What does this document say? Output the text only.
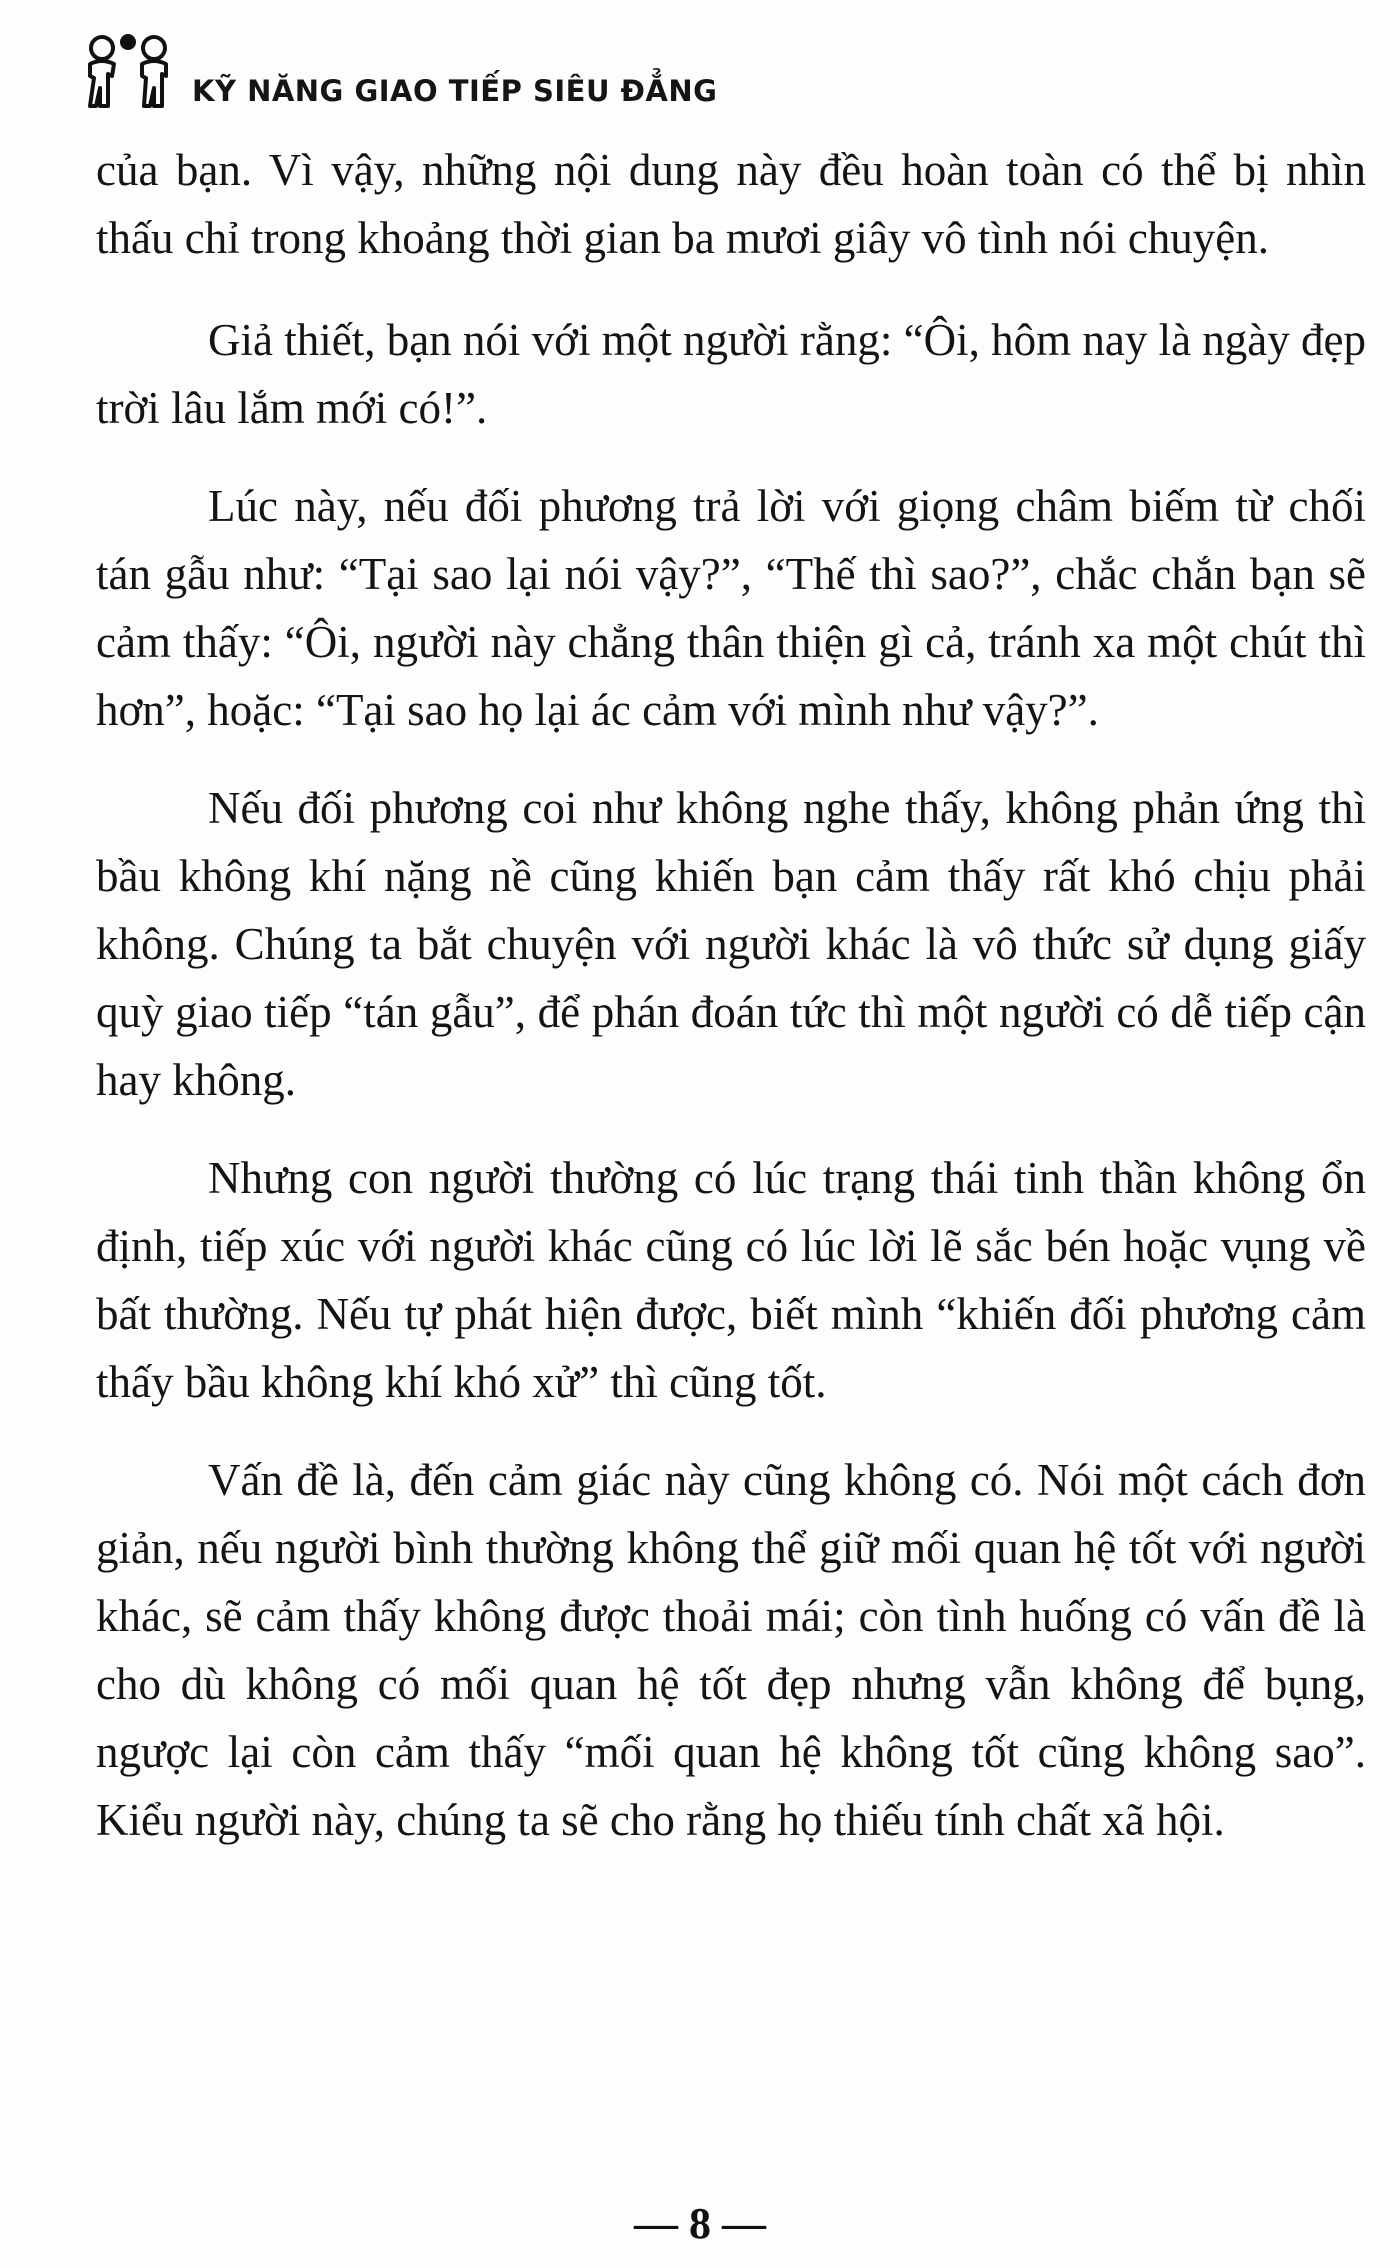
KỸ NĂNG GIAO TIẾP SIÊU ĐẲNG

của bạn. Vì vậy, những nội dung này đều hoàn toàn có thể bị nhìn thấu chỉ trong khoảng thời gian ba mươi giây vô tình nói chuyện.

Giả thiết, bạn nói với một người rằng: “Ôi, hôm nay là ngày đẹp trời lâu lắm mới có!”.

Lúc này, nếu đối phương trả lời với giọng châm biếm từ chối tán gẫu như: “Tại sao lại nói vậy?”, “Thế thì sao?”, chắc chắn bạn sẽ cảm thấy: “Ôi, người này chẳng thân thiện gì cả, tránh xa một chút thì hơn”, hoặc: “Tại sao họ lại ác cảm với mình như vậy?”.

Nếu đối phương coi như không nghe thấy, không phản ứng thì bầu không khí nặng nề cũng khiến bạn cảm thấy rất khó chịu phải không. Chúng ta bắt chuyện với người khác là vô thức sử dụng giấy quỳ giao tiếp “tán gẫu”, để phán đoán tức thì một người có dễ tiếp cận hay không.

Nhưng con người thường có lúc trạng thái tinh thần không ổn định, tiếp xúc với người khác cũng có lúc lời lẽ sắc bén hoặc vụng về bất thường. Nếu tự phát hiện được, biết mình “khiến đối phương cảm thấy bầu không khí khó xử” thì cũng tốt.

Vấn đề là, đến cảm giác này cũng không có. Nói một cách đơn giản, nếu người bình thường không thể giữ mối quan hệ tốt với người khác, sẽ cảm thấy không được thoải mái; còn tình huống có vấn đề là cho dù không có mối quan hệ tốt đẹp nhưng vẫn không để bụng, ngược lại còn cảm thấy “mối quan hệ không tốt cũng không sao”. Kiểu người này, chúng ta sẽ cho rằng họ thiếu tính chất xã hội.

— 8 —
